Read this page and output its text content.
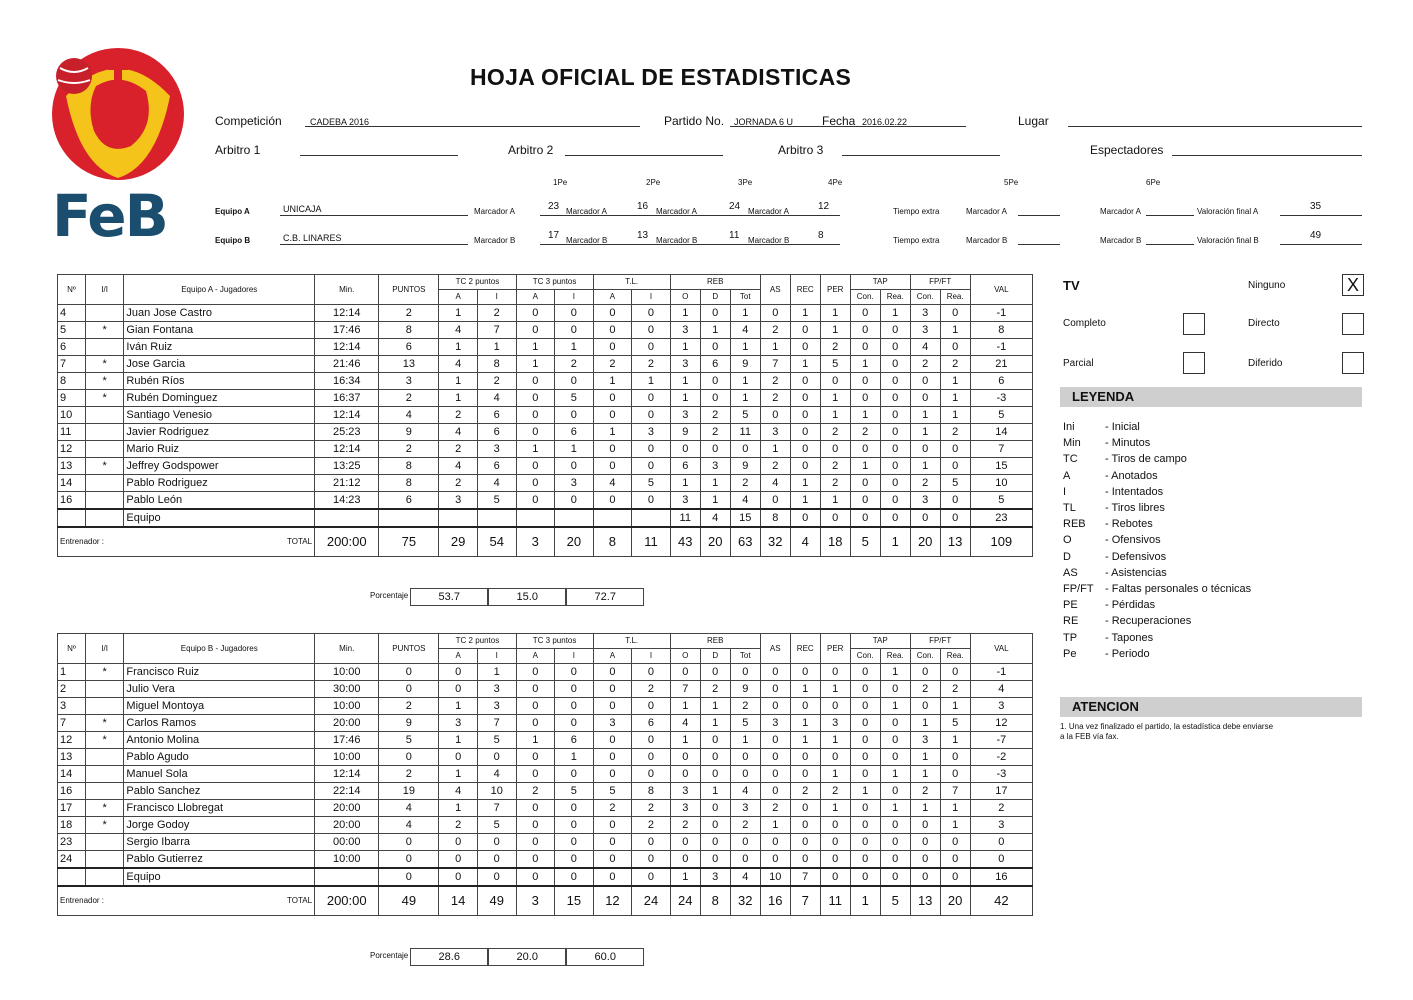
FeB
HOJA OFICIAL DE ESTADISTICAS
Competición	CADEBA 2016	Partido No. JORNADA 6 U Fecha 2016.02.22	Lugar
Arbitro 1	Arbitro 2	Arbitro 3	Espectadores
1Pe	2Pe	3Pe	4Pe	5Pe	6Pe
Equipo A	UNICAJA	Marcador A	23 Marcador A	16 Marcador A	24 Marcador A	12	Tiempo extra	Marcador A	Marcador A	Valoración final A	35
Equipo B	C.B. LINARES	Marcador B	17 Marcador B	13 Marcador B	11 Marcador B	8	Tiempo extra	Marcador B	Marcador B	Valoración final B	49
Nº	I/I	Equipo A - Jugadores	Min.	PUNTOS	TC 2 puntos		TC 3 puntos		T.L.		REB			AS	REC	PER	TAP		FP/FT		VAL
					A	I	A	I	A	I	O	D	Tot				Con.	Rea.	Con.	Rea.	
4		Juan Jose Castro	12:14	2	1	2	0	0	0	0	1	0	1	0	1	1	0	1	3	0	-1
5	*	Gian Fontana	17:46	8	4	7	0	0	0	0	3	1	4	2	0	1	0	0	3	1	8
6		Iván Ruiz	12:14	6	1	1	1	1	0	0	1	0	1	1	0	2	0	0	4	0	-1
7	*	Jose Garcia	21:46	13	4	8	1	2	2	2	3	6	9	7	1	5	1	0	2	2	21
8	*	Rubén Ríos	16:34	3	1	2	0	0	1	1	1	0	1	2	0	0	0	0	0	1	6
9	*	Rubén Dominguez	16:37	2	1	4	0	5	0	0	1	0	1	2	0	1	0	0	0	1	-3
10		Santiago Venesio	12:14	4	2	6	0	0	0	0	3	2	5	0	0	1	1	0	1	1	5
11		Javier Rodriguez	25:23	9	4	6	0	6	1	3	9	2	11	3	0	2	2	0	1	2	14
12		Mario Ruiz	12:14	2	2	3	1	1	0	0	0	0	0	1	0	0	0	0	0	0	7
13	*	Jeffrey Godspower	13:25	8	4	6	0	0	0	0	6	3	9	2	0	2	1	0	1	0	15
14		Pablo Rodriguez	21:12	8	2	4	0	3	4	5	1	1	2	4	1	2	0	0	2	5	10
16		Pablo León	14:23	6	3	5	0	0	0	0	3	1	4	0	1	1	0	0	3	0	5
		Equipo									11	4	15	8	0	0	0	0	0	0	23

Entrenador : TOTAL			200:00	75	29	54	3	20	8	11	43	20	63	32	4	18	5	1	20	13	109
Porcentaje	53.7	15.0	72.7
Nº	I/I	Equipo B - Jugadores	Min.	PUNTOS	TC 2 puntos		TC 3 puntos		T.L.		REB			AS	REC	PER	TAP		FP/FT		VAL
					A	I	A	I	A	I	O	D	Tot				Con.	Rea.	Con.	Rea.	
1	*	Francisco Ruiz	10:00	0	0	1	0	0	0	0	0	0	0	0	0	0	0	1	0	0	-1
2		Julio Vera	30:00	0	0	3	0	0	0	2	7	2	9	0	1	1	0	0	2	2	4
3		Miguel Montoya	10:00	2	1	3	0	0	0	0	1	1	2	0	0	0	0	1	0	1	3
7	*	Carlos Ramos	20:00	9	3	7	0	0	3	6	4	1	5	3	1	3	0	0	1	5	12
12	*	Antonio Molina	17:46	5	1	5	1	6	0	0	1	0	1	0	1	1	0	0	3	1	-7
13		Pablo Agudo	10:00	0	0	0	0	1	0	0	0	0	0	0	0	0	0	0	1	0	-2
14		Manuel Sola	12:14	2	1	4	0	0	0	0	0	0	0	0	0	1	0	1	1	0	-3
16		Pablo Sanchez	22:14	19	4	10	2	5	5	8	3	1	4	0	2	2	1	0	2	7	17
17	*	Francisco Llobregat	20:00	4	1	7	0	0	2	2	3	0	3	2	0	1	0	1	1	1	2
18	*	Jorge Godoy	20:00	4	2	5	0	0	0	2	2	0	2	1	0	0	0	0	0	1	3
23		Sergio Ibarra	00:00	0	0	0	0	0	0	0	0	0	0	0	0	0	0	0	0	0	0
24		Pablo Gutierrez	10:00	0	0	0	0	0	0	0	0	0	0	0	0	0	0	0	0	0	0
		Equipo		0	0	0	0	0	0	0	1	3	4	10	7	0	0	0	0	0	16

Entrenador : TOTAL			200:00	49	14	49	3	15	12	24	24	8	32	16	7	11	1	5	13	20	42
Porcentaje	28.6	20.0	60.0
TV	Ninguno	X
Completo	Directo
Parcial	Diferido
LEYENDA
Ini	- Inicial
Min	- Minutos
TC	- Tiros de campo
A	- Anotados
I	- Intentados
TL	- Tiros libres
REB	- Rebotes
O	- Ofensivos
D	- Defensivos
AS	- Asistencias
FP/FT	- Faltas personales o técnicas
PE	- Pérdidas
RE	- Recuperaciones
TP	- Tapones
Pe	- Periodo
ATENCION
1. Una vez finalizado el partido, la estadística debe enviarse a la FEB vía fax.
